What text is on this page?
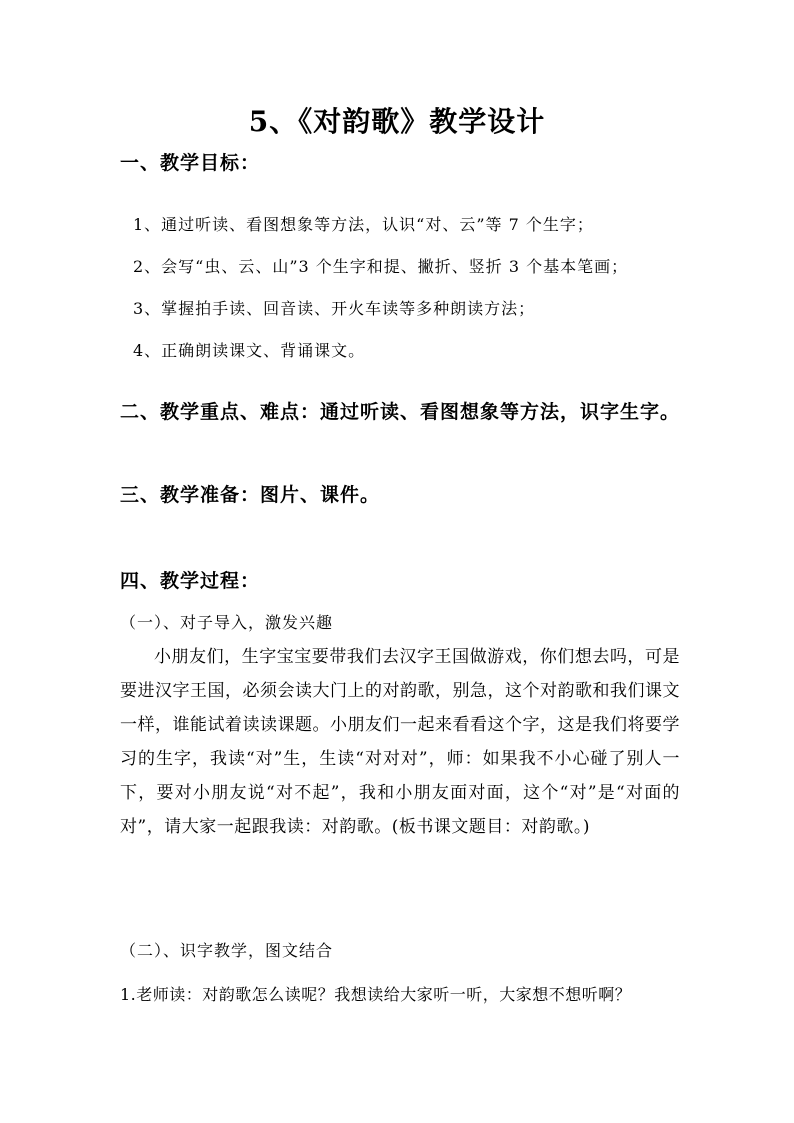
5、《对韵歌》教学设计
一、教学目标：
1、通过听读、看图想象等方法，认识“对、云”等 7 个生字；
2、会写“虫、云、山”3 个生字和提、撇折、竖折 3 个基本笔画；
3、掌握拍手读、回音读、开火车读等多种朗读方法；
4、正确朗读课文、背诵课文。
二、教学重点、难点：通过听读、看图想象等方法，识字生字。
三、教学准备：图片、课件。
四、教学过程：
（一）、对子导入，激发兴趣
小朋友们，生字宝宝要带我们去汉字王国做游戏，你们想去吗，可是要进汉字王国，必须会读大门上的对韵歌，别急，这个对韵歌和我们课文一样，谁能试着读读课题。小朋友们一起来看看这个字，这是我们将要学习的生字，我读“对”生，生读“对对对”，师：如果我不小心碰了别人一下，要对小朋友说“对不起”，我和小朋友面对面，这个“对”是“对面的对”，请大家一起跟我读：对韵歌。(板书课文题目：对韵歌。)
（二）、识字教学，图文结合
1.老师读：对韵歌怎么读呢？我想读给大家听一听，大家想不想听啊？
